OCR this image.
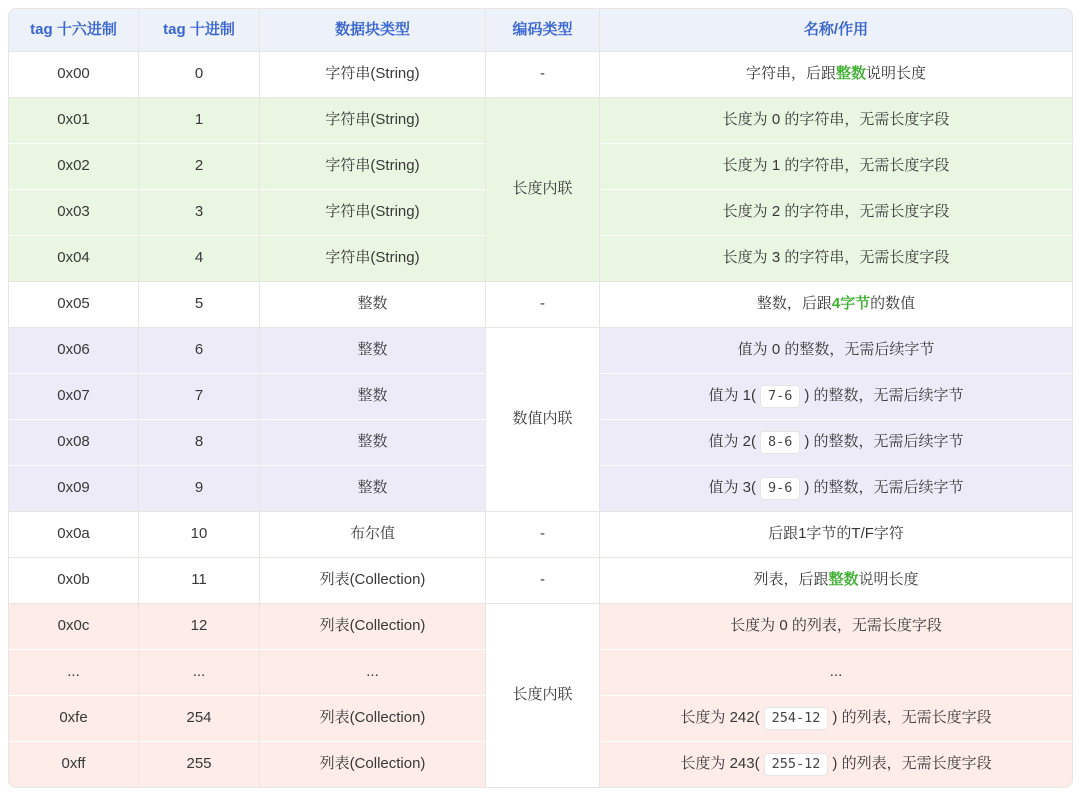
tag 十六进制	tag 十进制	数据块类型	编码类型	名称/作用
0x00	0	字符串(String)	-	字符串，后跟整数说明长度
0x01	1	字符串(String)	长度内联	长度为 0 的字符串，无需长度字段
0x02	2	字符串(String)		长度为 1 的字符串，无需长度字段
0x03	3	字符串(String)		长度为 2 的字符串，无需长度字段
0x04	4	字符串(String)		长度为 3 的字符串，无需长度字段
0x05	5	整数	-	整数，后跟4字节的数值
0x06	6	整数	数值内联	值为 0 的整数，无需后续字节
0x07	7	整数		值为 1( 7-6 ) 的整数，无需后续字节
0x08	8	整数		值为 2( 8-6 ) 的整数，无需后续字节
0x09	9	整数		值为 3( 9-6 ) 的整数，无需后续字节
0x0a	10	布尔值	-	后跟1字节的T/F字符
0x0b	11	列表(Collection)	-	列表，后跟整数说明长度
0x0c	12	列表(Collection)	长度内联	长度为 0 的列表，无需长度字段
...	...	...		...
0xfe	254	列表(Collection)		长度为 242( 254-12 ) 的列表，无需长度字段
0xff	255	列表(Collection)		长度为 243( 255-12 ) 的列表，无需长度字段
